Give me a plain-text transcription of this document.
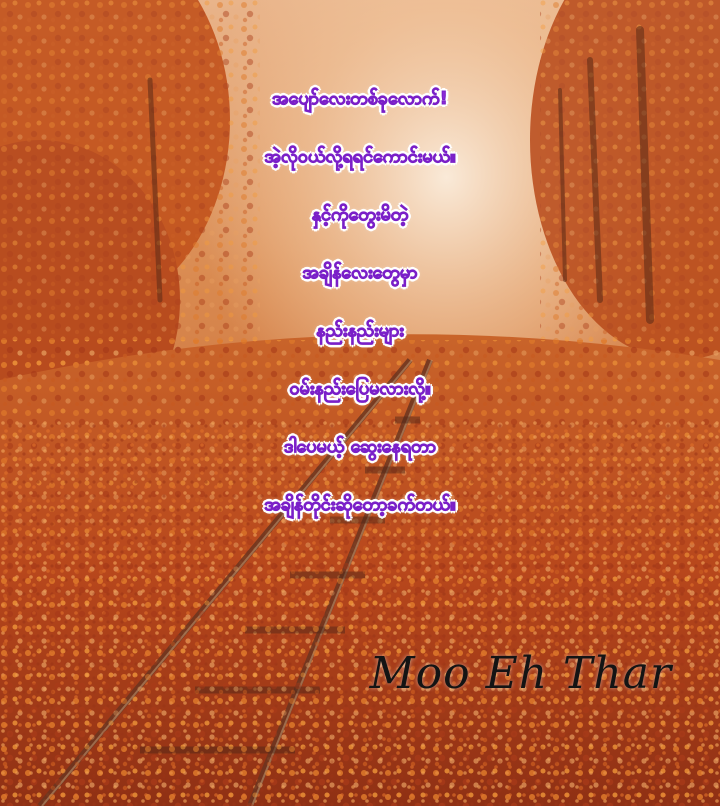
အပျော်လေးတစ်ခုလောက်!
အဲ့လိုဝယ်လို့ရရင်ကောင်းမယ်။
နှင့်ကိုတွေးမိတဲ့
အချိန်လေးတွေမှာ
နည်းနည်းများ
ဝမ်းနည်းပြေမလားလို့။
ဒါပေမယ့် ဆွေးနေရတာ
အချိန်တိုင်းဆိုတော့ခက်တယ်။
Moo Eh Thar
